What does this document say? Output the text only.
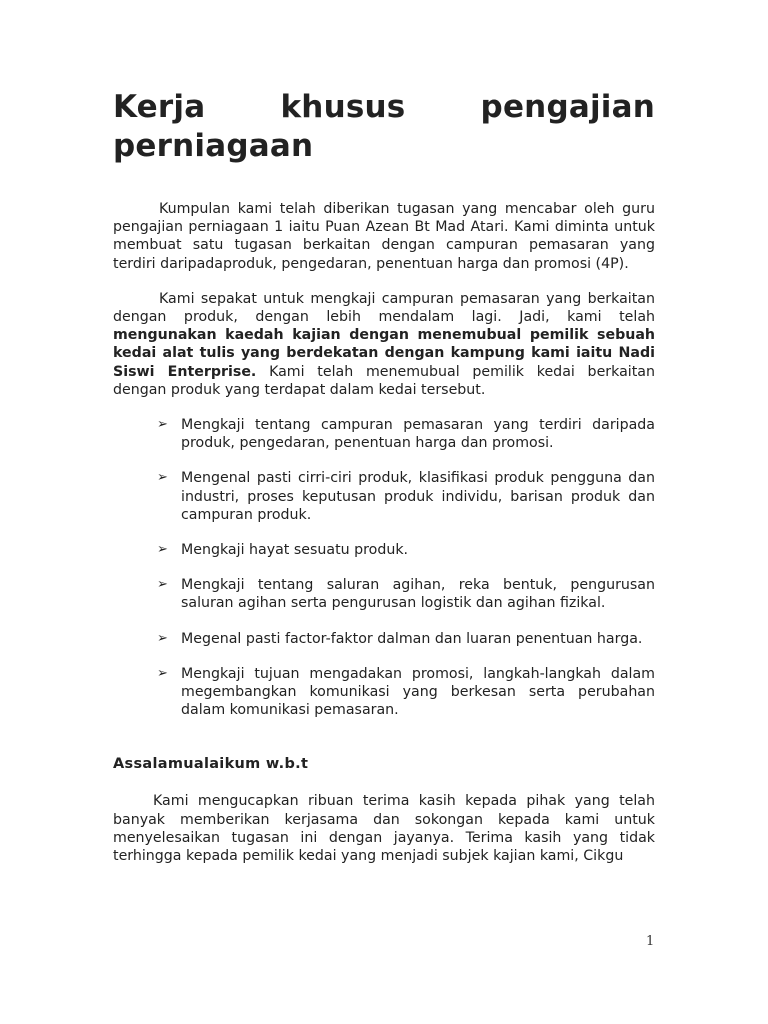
Kerja khusus pengajian perniagaan

Kumpulan kami telah diberikan tugasan yang mencabar oleh guru pengajian perniagaan 1 iaitu Puan Azean Bt Mad Atari. Kami diminta untuk membuat satu tugasan berkaitan dengan campuran pemasaran yang terdiri daripadaproduk, pengedaran, penentuan harga dan promosi (4P).

Kami sepakat untuk mengkaji campuran pemasaran yang berkaitan dengan produk, dengan lebih mendalam lagi. Jadi, kami telah mengunakan kaedah kajian dengan menemubual pemilik sebuah kedai alat tulis yang berdekatan dengan kampung kami iaitu Nadi Siswi Enterprise. Kami telah menemubual pemilik kedai berkaitan dengan produk yang terdapat dalam kedai tersebut.

➢ Mengkaji tentang campuran pemasaran yang terdiri daripada produk, pengedaran, penentuan harga dan promosi.
➢ Mengenal pasti cirri-ciri produk, klasifikasi produk pengguna dan industri, proses keputusan produk individu, barisan produk dan campuran produk.
➢ Mengkaji hayat sesuatu produk.
➢ Mengkaji tentang saluran agihan, reka bentuk, pengurusan saluran agihan serta pengurusan logistik dan agihan fizikal.
➢ Megenal pasti factor-faktor dalman dan luaran penentuan harga.
➢ Mengkaji tujuan mengadakan promosi, langkah-langkah dalam megembangkan komunikasi yang berkesan serta perubahan dalam komunikasi pemasaran.
Assalamualaikum w.b.t

Kami mengucapkan ribuan terima kasih kepada pihak yang telah banyak memberikan kerjasama dan sokongan kepada kami untuk menyelesaikan tugasan ini dengan jayanya. Terima kasih yang tidak terhingga kepada pemilik kedai yang menjadi subjek kajian kami, Cikgu

1
